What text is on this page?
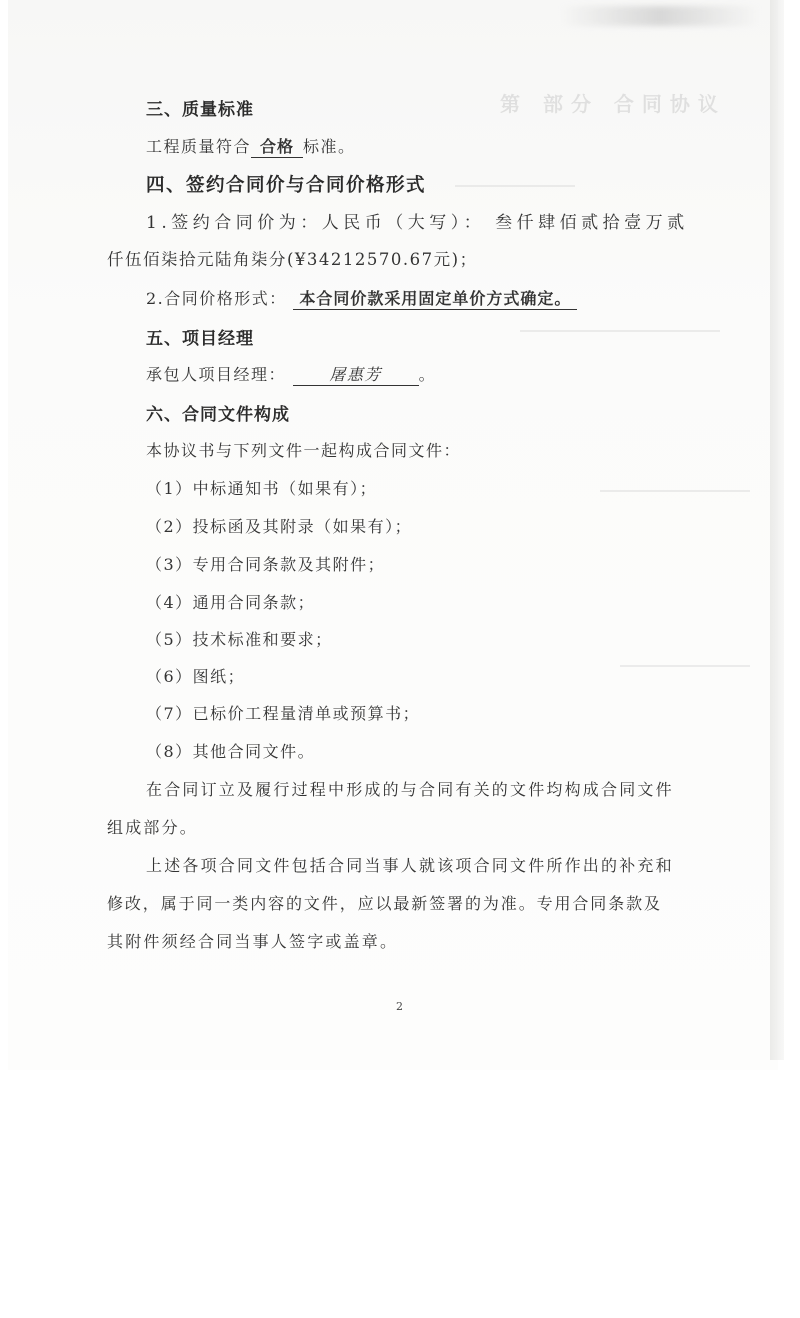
第 部分 合同协议
三、质量标准
工程质量符合 合格 标准。
四、签约合同价与合同价格形式
1.签约合同价为：人民币（大写）： 叁仟肆佰贰拾壹万贰
仟伍佰柒拾元陆角柒分(¥34212570.67元)；
2.合同价格形式： 本合同价款采用固定单价方式确定。
五、项目经理
承包人项目经理：	屠惠芳 。
六、合同文件构成
本协议书与下列文件一起构成合同文件：
（1）中标通知书（如果有）；
（2）投标函及其附录（如果有）；
（3）专用合同条款及其附件；
（4）通用合同条款；
（5）技术标准和要求；
（6）图纸；
（7）已标价工程量清单或预算书；
（8）其他合同文件。
在合同订立及履行过程中形成的与合同有关的文件均构成合同文件
组成部分。
上述各项合同文件包括合同当事人就该项合同文件所作出的补充和
修改，属于同一类内容的文件，应以最新签署的为准。专用合同条款及
其附件须经合同当事人签字或盖章。
2
